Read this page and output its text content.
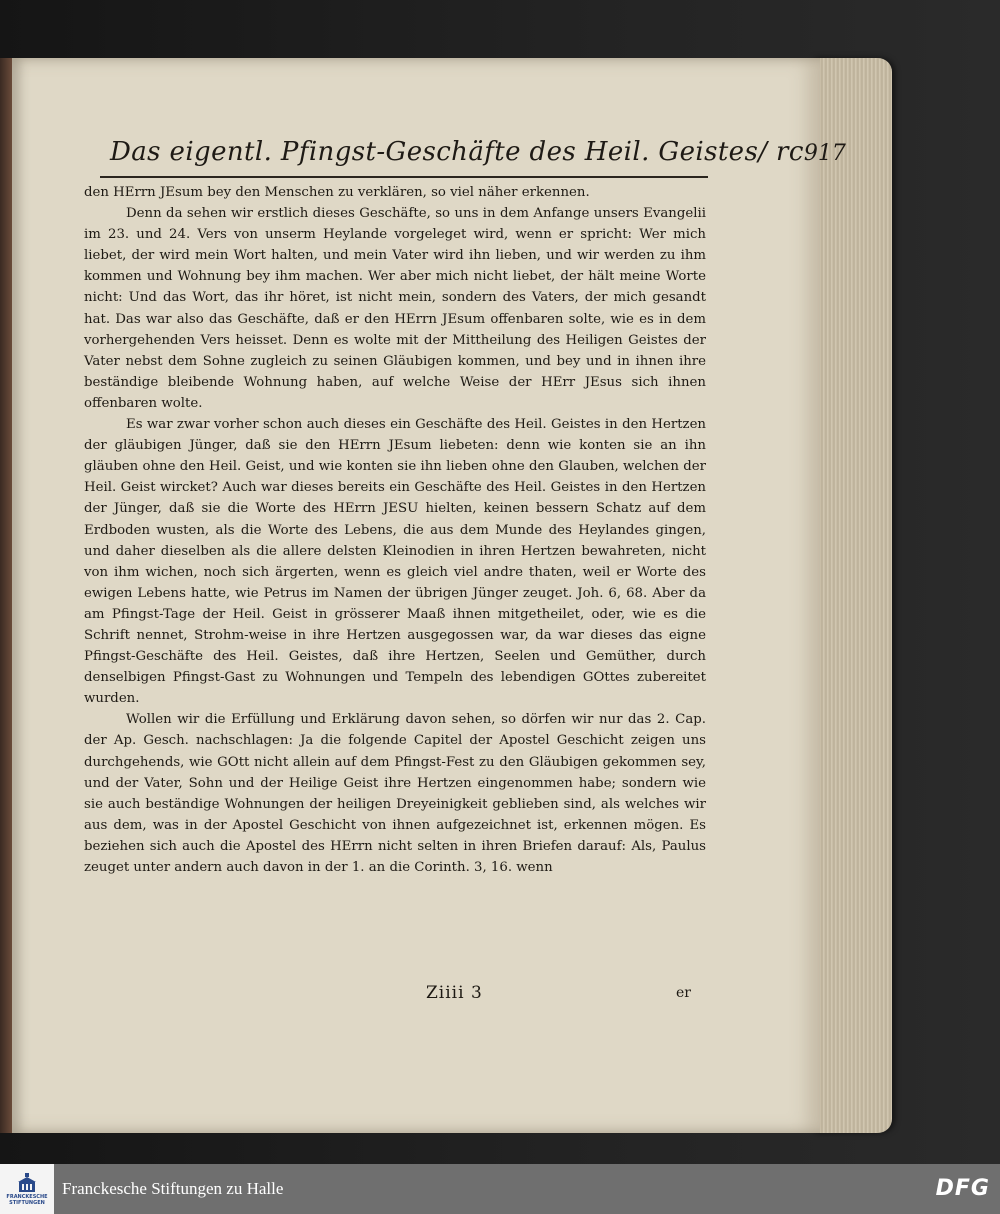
Das eigentl. Pfingst-Geschäfte des Heil. Geistes/ rc 917

den HErrn JEsum bey den Menschen zu verklären, so viel näher erkennen.

Denn da sehen wir erstlich dieses Geschäfte, so uns in dem Anfange unsers Evangelii im 23. und 24. Vers von unserm Heylande vorgeleget wird, wenn er spricht: Wer mich liebet, der wird mein Wort halten, und mein Vater wird ihn lieben, und wir werden zu ihm kommen und Wohnung bey ihm machen. Wer aber mich nicht liebet, der hält meine Worte nicht: Und das Wort, das ihr höret, ist nicht mein, sondern des Vaters, der mich gesandt hat. Das war also das Geschäfte, daß er den HErrn JEsum offenbaren solte, wie es in dem vorhergehenden Vers heisset. Denn es wolte mit der Mittheilung des Heiligen Geistes der Vater nebst dem Sohne zugleich zu seinen Gläubigen kommen, und bey und in ihnen ihre beständige bleibende Wohnung haben, auf welche Weise der HErr JEsus sich ihnen offenbaren wolte.

Es war zwar vorher schon auch dieses ein Geschäfte des Heil. Geistes in den Hertzen der gläubigen Jünger, daß sie den HErrn JEsum liebeten: denn wie konten sie an ihn gläuben ohne den Heil. Geist, und wie konten sie ihn lieben ohne den Glauben, welchen der Heil. Geist wircket? Auch war dieses bereits ein Geschäfte des Heil. Geistes in den Hertzen der Jünger, daß sie die Worte des HErrn JESU hielten, keinen bessern Schatz auf dem Erdboden wusten, als die Worte des Lebens, die aus dem Munde des Heylandes gingen, und daher dieselben als die allere delsten Kleinodien in ihren Hertzen bewahreten, nicht von ihm wichen, noch sich ärgerten, wenn es gleich viel andre thaten, weil er Worte des ewigen Lebens hatte, wie Petrus im Namen der übrigen Jünger zeuget. Joh. 6, 68. Aber da am Pfingst-Tage der Heil. Geist in grösserer Maaß ihnen mitgetheilet, oder, wie es die Schrift nennet, Strohm-weise in ihre Hertzen ausgegossen war, da war dieses das eigne Pfingst-Geschäfte des Heil. Geistes, daß ihre Hertzen, Seelen und Gemüther, durch denselbigen Pfingst-Gast zu Wohnungen und Tempeln des lebendigen GOttes zubereitet wurden.

Wollen wir die Erfüllung und Erklärung davon sehen, so dörfen wir nur das 2. Cap. der Ap. Gesch. nachschlagen: Ja die folgende Capitel der Apostel Geschicht zeigen uns durchgehends, wie GOtt nicht allein auf dem Pfingst-Fest zu den Gläubigen gekommen sey, und der Vater, Sohn und der Heilige Geist ihre Hertzen eingenommen habe; sondern wie sie auch beständige Wohnungen der heiligen Dreyeinigkeit geblieben sind, als welches wir aus dem, was in der Apostel Geschicht von ihnen aufgezeichnet ist, erkennen mögen. Es beziehen sich auch die Apostel des HErrn nicht selten in ihren Briefen darauf: Als, Paulus zeuget unter andern auch davon in der 1. an die Corinth. 3, 16. wenn

Ziiii 3	er
FRANCKESCHE
STIFTUNGEN
Franckesche Stiftungen zu Halle	DFG
